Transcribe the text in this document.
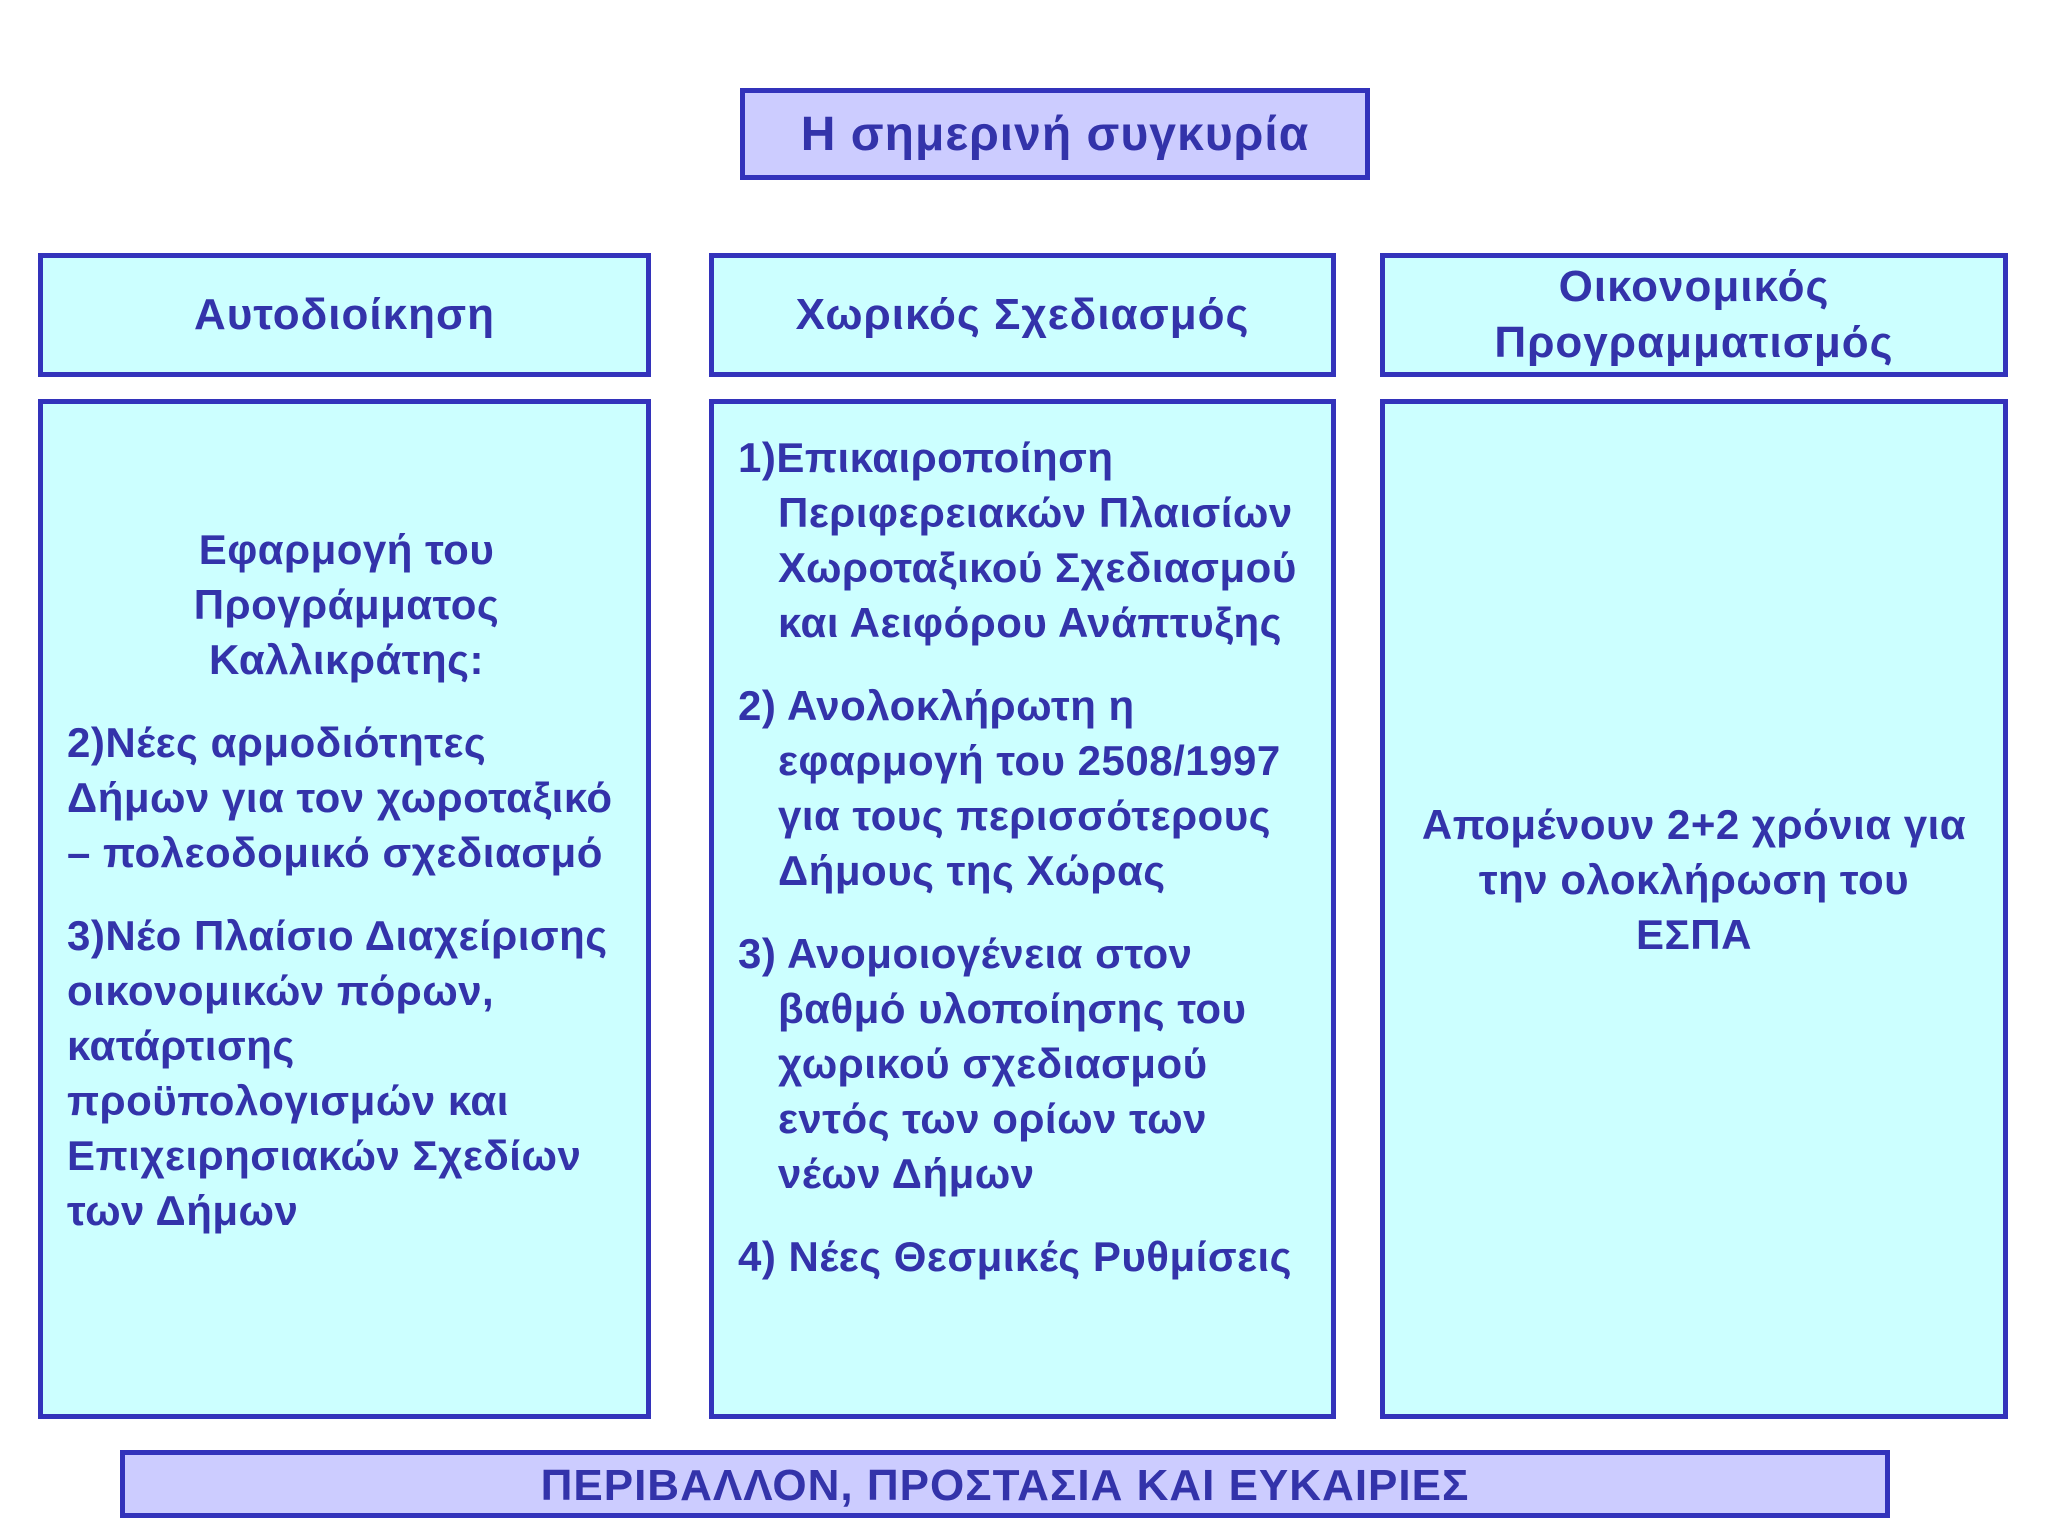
Η σημερινή συγκυρία
Αυτοδιοίκηση	Χωρικός Σχεδιασμός
Οικονομικός
Προγραμματισμός
Εφαρμογή του
Προγράμματος
Καλλικράτης:
2)Νέες αρμοδιότητες Δήμων για τον χωροταξικό – πολεοδομικό σχεδιασμό
3)Νέο Πλαίσιο Διαχείρισης οικονομικών πόρων, κατάρτισης προϋπολογισμών και Επιχειρησιακών Σχεδίων των Δήμων
1)Επικαιροποίηση Περιφερειακών Πλαισίων Χωροταξικού Σχεδιασμού και Αειφόρου Ανάπτυξης
2) Ανολοκλήρωτη η εφαρμογή του 2508/1997 για τους περισσότερους Δήμους της Χώρας
3) Ανομοιογένεια στον βαθμό υλοποίησης του χωρικού σχεδιασμού εντός των ορίων των νέων Δήμων
4) Νέες Θεσμικές Ρυθμίσεις
Απομένουν 2+2 χρόνια για την ολοκλήρωση του ΕΣΠΑ
ΠΕΡΙΒΑΛΛΟΝ, ΠΡΟΣΤΑΣΙΑ ΚΑΙ ΕΥΚΑΙΡΙΕΣ
